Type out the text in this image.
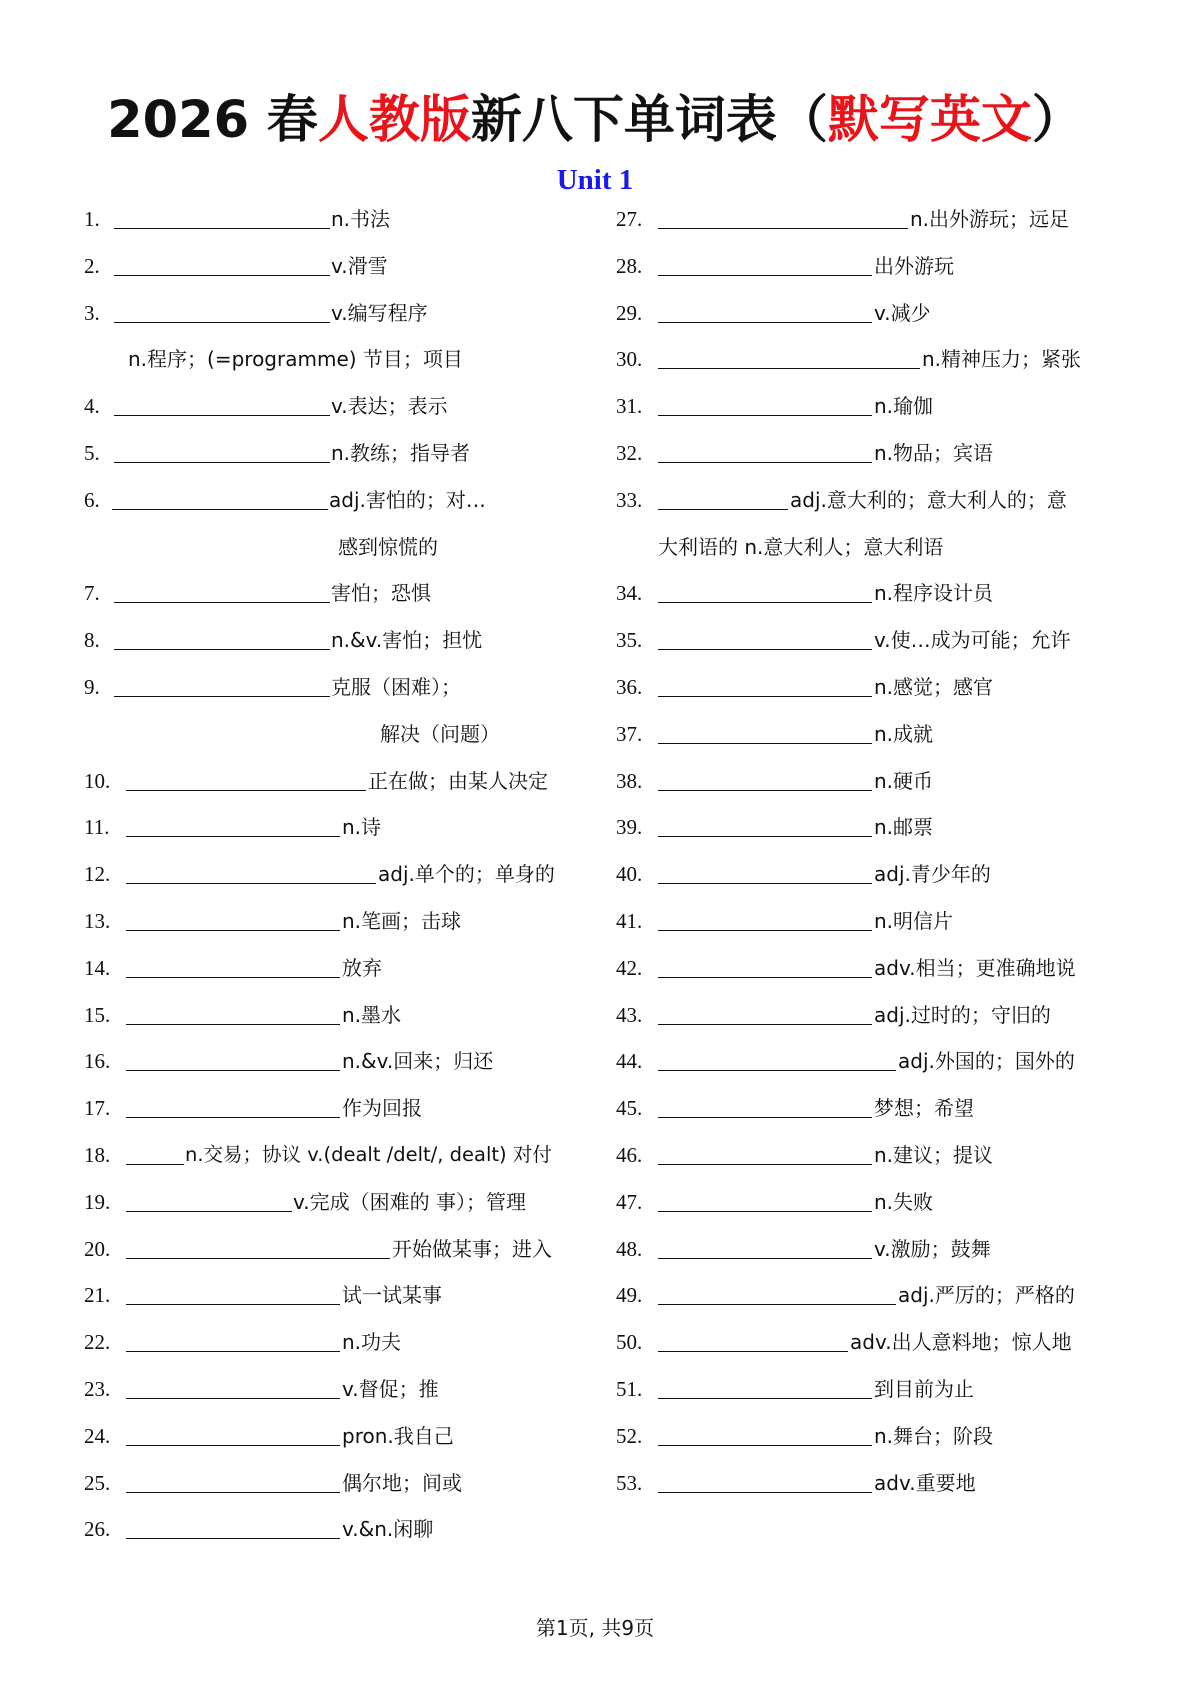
2026 春人教版新八下单词表（默写英文）
Unit 1
1.	n.书法
2.	v.滑雪
3.	v.编写程序
n.程序；(=programme) 节目；项目
4.	v.表达；表示
5.	n.教练；指导者
6.	adj.害怕的；对…
感到惊慌的
7.	害怕；恐惧
8.	n.&v.害怕；担忧
9.	克服（困难）；
解决（问题）
10.	正在做；由某人决定
11.	n.诗
12.	adj.单个的；单身的
13.	n.笔画；击球
14.	放弃
15.	n.墨水
16.	n.&v.回来；归还
17.	作为回报
18.	n.交易；协议 v.(dealt /delt/, dealt) 对付
19.	v.完成（困难的 事）；管理
20.	开始做某事；进入
21.	试一试某事
22.	n.功夫
23.	v.督促；推
24.	pron.我自己
25.	偶尔地；间或
26.	v.&n.闲聊
27.	n.出外游玩；远足
28.	出外游玩
29.	v.减少
30.	n.精神压力；紧张
31.	n.瑜伽
32.	n.物品；宾语
33.	adj.意大利的；意大利人的；意
大利语的 n.意大利人；意大利语
34.	n.程序设计员
35.	v.使…成为可能；允许
36.	n.感觉；感官
37.	n.成就
38.	n.硬币
39.	n.邮票
40.	adj.青少年的
41.	n.明信片
42.	adv.相当；更准确地说
43.	adj.过时的；守旧的
44.	adj.外国的；国外的
45.	梦想；希望
46.	n.建议；提议
47.	n.失败
48.	v.激励；鼓舞
49.	adj.严厉的；严格的
50.	adv.出人意料地；惊人地
51.	到目前为止
52.	n.舞台；阶段
53.	adv.重要地
第1页, 共9页
